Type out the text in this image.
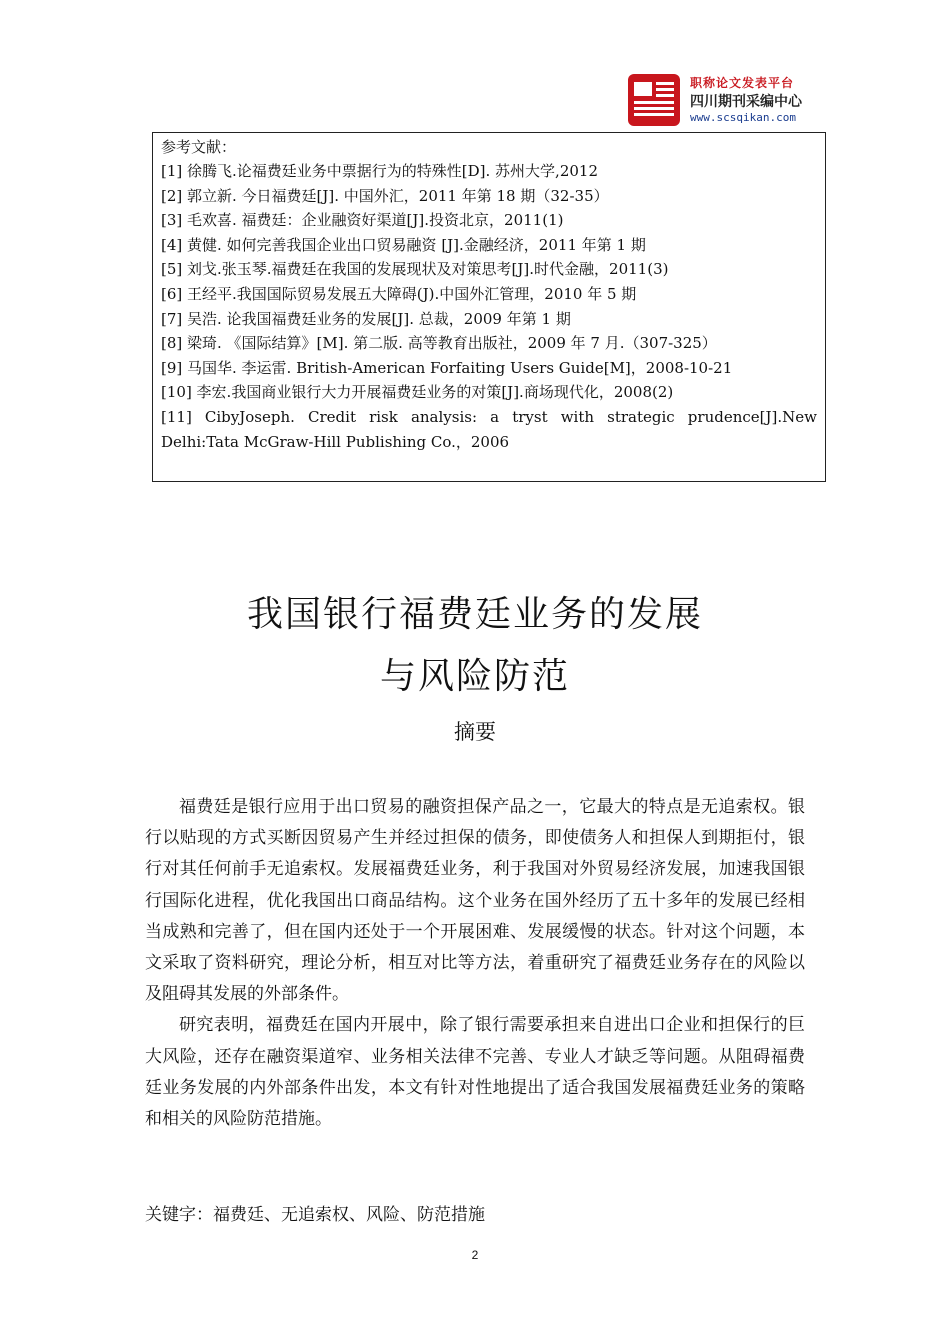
职称论文发表平台
四川期刊采编中心
www.scsqikan.com
参考文献：
[1] 徐腾飞.论福费廷业务中票据行为的特殊性[D]. 苏州大学,2012
[2] 郭立新. 今日福费廷[J]. 中国外汇，2011 年第 18 期（32-35）
[3] 毛欢喜. 福费廷：企业融资好渠道[J].投资北京，2011(1)
[4] 黄健. 如何完善我国企业出口贸易融资 [J].金融经济，2011 年第 1 期
[5] 刘戈.张玉琴.福费廷在我国的发展现状及对策思考[J].时代金融，2011(3)
[6] 王经平.我国国际贸易发展五大障碍(J).中国外汇管理，2010 年 5 期
[7] 吴浩. 论我国福费廷业务的发展[J]. 总裁，2009 年第 1 期
[8] 梁琦. 《国际结算》[M]. 第二版. 高等教育出版社，2009 年 7 月.（307-325）
[9] 马国华. 李运雷. British-American Forfaiting Users Guide[M]，2008-10-21
[10] 李宏.我国商业银行大力开展福费廷业务的对策[J].商场现代化，2008(2)
[11] CibyJoseph. Credit risk analysis: a tryst with strategic prudence[J].New Delhi:Tata McGraw-Hill Publishing Co.，2006
我国银行福费廷业务的发展
与风险防范
摘要

福费廷是银行应用于出口贸易的融资担保产品之一，它最大的特点是无追索权。银行以贴现的方式买断因贸易产生并经过担保的债务，即使债务人和担保人到期拒付，银行对其任何前手无追索权。发展福费廷业务，利于我国对外贸易经济发展，加速我国银行国际化进程，优化我国出口商品结构。这个业务在国外经历了五十多年的发展已经相当成熟和完善了，但在国内还处于一个开展困难、发展缓慢的状态。针对这个问题，本文采取了资料研究，理论分析，相互对比等方法，着重研究了福费廷业务存在的风险以及阻碍其发展的外部条件。

研究表明，福费廷在国内开展中，除了银行需要承担来自进出口企业和担保行的巨大风险，还存在融资渠道窄、业务相关法律不完善、专业人才缺乏等问题。从阻碍福费廷业务发展的内外部条件出发，本文有针对性地提出了适合我国发展福费廷业务的策略和相关的风险防范措施。

关键字：福费廷、无追索权、风险、防范措施
2
